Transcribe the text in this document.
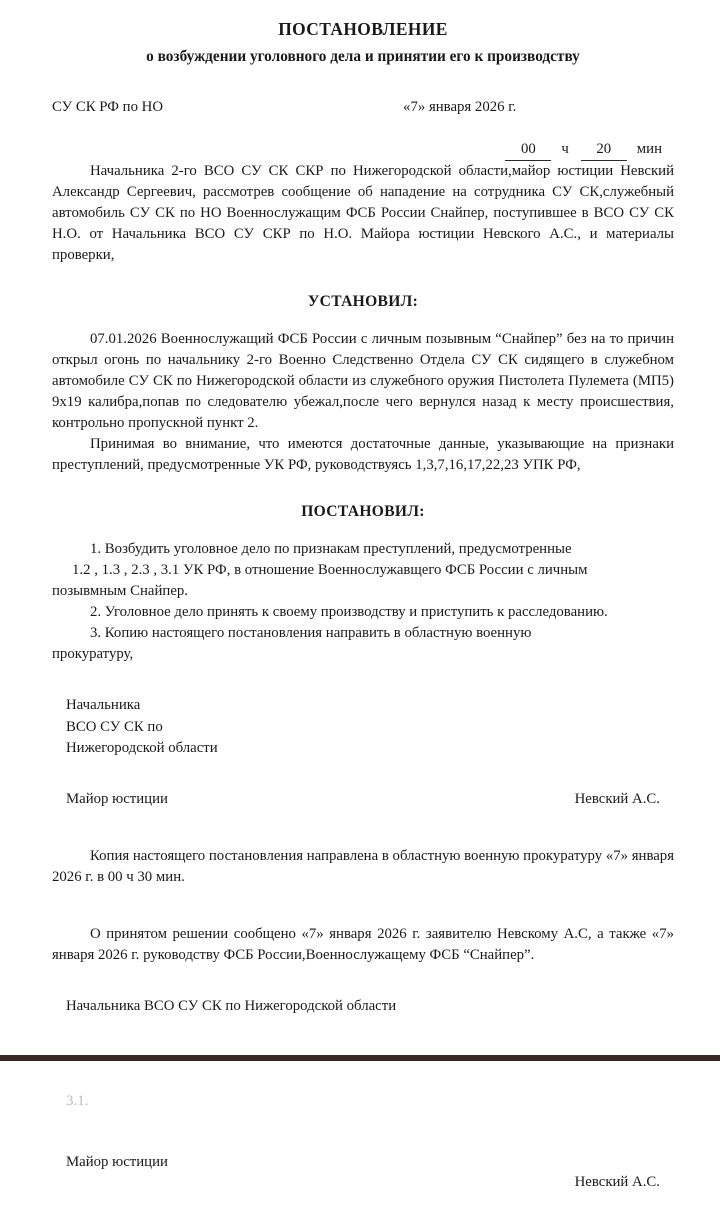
ПОСТАНОВЛЕНИЕ
о возбуждении уголовного дела и принятии его к производству
СУ СК РФ по НО	«7» января 2026 г.
00	ч	20	мин

Начальника 2-го ВСО СУ СК СКР по Нижегородской области,майор юстиции Невский Александр Сергеевич, рассмотрев сообщение об нападение на сотрудника СУ СК,служебный автомобиль СУ СК по НО Военнослужащим ФСБ России Снайпер, поступившее в ВСО СУ СК Н.О. от Начальника ВСО СУ СКР по Н.О. Майора юстиции Невского А.С., и материалы проверки,

УСТАНОВИЛ:

07.01.2026 Военнослужащий ФСБ России с личным позывным “Снайпер” без на то причин открыл огонь по начальнику 2-го Военно Следственно Отдела СУ СК сидящего в служебном автомобиле СУ СК по Нижегородской области из служебного оружия Пистолета Пулемета (МП5) 9x19 калибра,попав по следователю убежал,после чего вернулся назад к месту происшествия, контрольно пропускной пункт 2.

Принимая во внимание, что имеются достаточные данные, указывающие на признаки преступлений, предусмотренные УК РФ, руководствуясь 1,3,7,16,17,22,23 УПК РФ,

ПОСТАНОВИЛ:

1. Возбудить уголовное дело по признакам преступлений, предусмотренные

1.2 , 1.3 , 2.3 , 3.1 УК РФ, в отношение Военнослужавщего ФСБ России с личным

позывмным Снайпер.

2. Уголовное дело принять к своему производству и приступить к расследованию.

3. Копию настоящего постановления направить в областную военную

прокуратуру,

Начальника
ВСО СУ СК по
Нижегородской области
Майор юстиции	Невский А.С.

Копия настоящего постановления направлена в областную военную прокуратуру «7» января 2026 г. в 00 ч 30 мин.

О принятом решении сообщено «7» января 2026 г. заявителю Невскому А.С, а также «7» января 2026 г. руководству ФСБ России,Военнослужащему ФСБ “Снайпер”.

Начальника ВСО СУ СК по Нижегородской области
3.1.
Майор юстиции
Невский А.С.
